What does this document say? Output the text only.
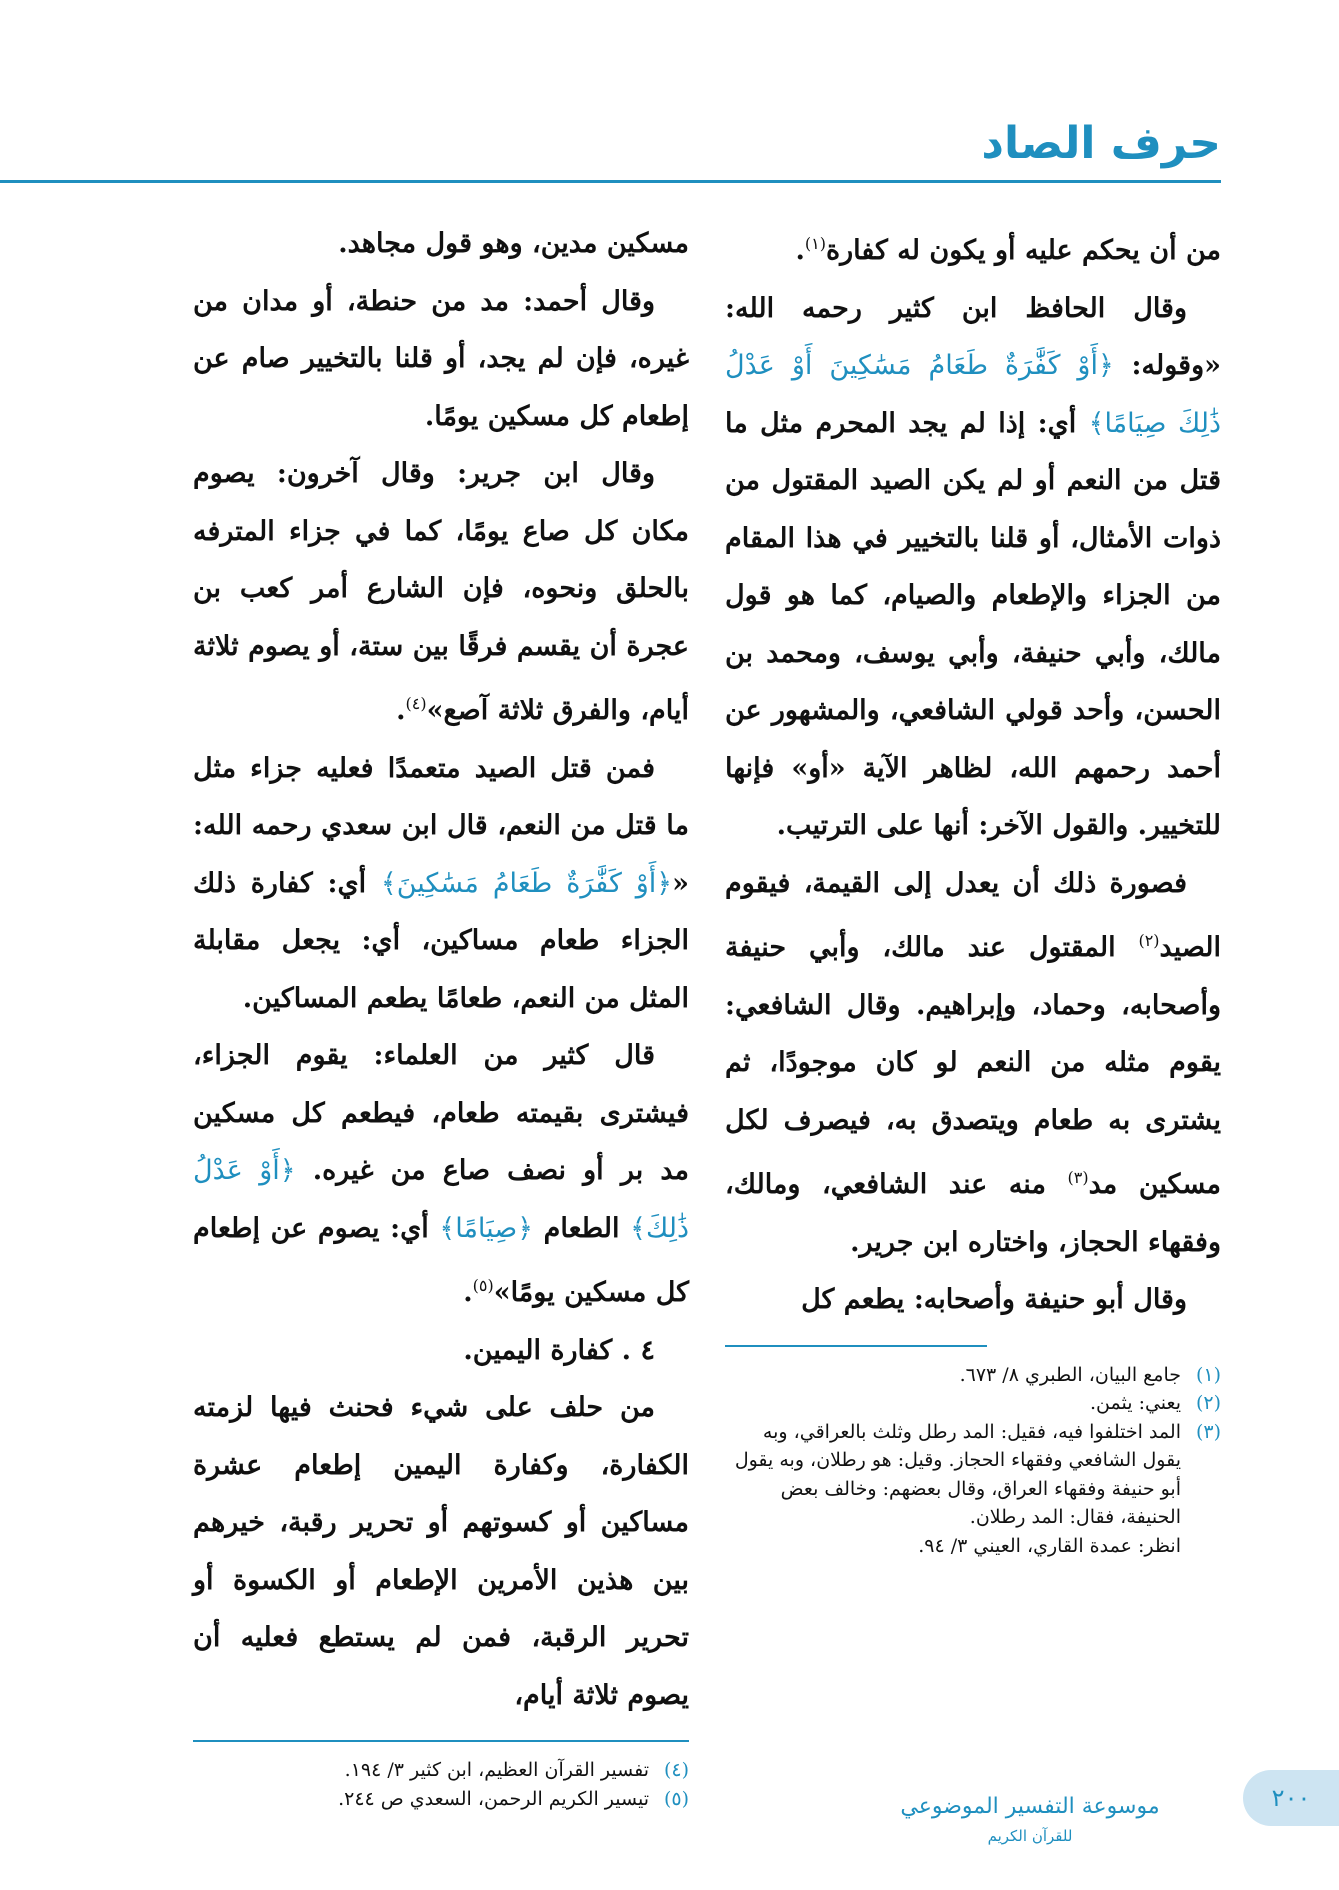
حرف الصاد

من أن يحكم عليه أو يكون له كفارة$^{(١)}$.

وقال الحافظ ابن كثير رحمه الله: «وقوله: ﴿أَوْ كَفَّٰرَةٌ طَعَامُ مَسَٰكِينَ أَوْ عَدْلُ ذَٰلِكَ صِيَامًا﴾ أي: إذا لم يجد المحرم مثل ما قتل من النعم أو لم يكن الصيد المقتول من ذوات الأمثال، أو قلنا بالتخيير في هذا المقام من الجزاء والإطعام والصيام، كما هو قول مالك، وأبي حنيفة، وأبي يوسف، ومحمد بن الحسن، وأحد قولي الشافعي، والمشهور عن أحمد رحمهم الله، لظاهر الآية «أو» فإنها للتخيير. والقول الآخر: أنها على الترتيب.

فصورة ذلك أن يعدل إلى القيمة، فيقوم الصيد$^{(٢)}$ المقتول عند مالك، وأبي حنيفة وأصحابه، وحماد، وإبراهيم. وقال الشافعي: يقوم مثله من النعم لو كان موجودًا، ثم يشترى به طعام ويتصدق به، فيصرف لكل مسكين مد$^{(٣)}$ منه عند الشافعي، ومالك، وفقهاء الحجاز، واختاره ابن جرير.

وقال أبو حنيفة وأصحابه: يطعم كل

(١)
جامع البيان، الطبري ٨/ ٦٧٣.

(٢)
يعني: يثمن.

(٣)
المد اختلفوا فيه، فقيل: المد رطل وثلث بالعراقي، وبه يقول الشافعي وفقهاء الحجاز. وقيل: هو رطلان، وبه يقول أبو حنيفة وفقهاء العراق، وقال بعضهم: وخالف بعض الحنيفة، فقال: المد رطلان.

انظر: عمدة القاري، العيني ٣/ ٩٤.

مسكين مدين، وهو قول مجاهد.

وقال أحمد: مد من حنطة، أو مدان من غيره، فإن لم يجد، أو قلنا بالتخيير صام عن إطعام كل مسكين يومًا.

وقال ابن جرير: وقال آخرون: يصوم مكان كل صاع يومًا، كما في جزاء المترفه بالحلق ونحوه، فإن الشارع أمر كعب بن عجرة أن يقسم فرقًا بين ستة، أو يصوم ثلاثة أيام، والفرق ثلاثة آصع»$^{(٤)}$.

فمن قتل الصيد متعمدًا فعليه جزاء مثل ما قتل من النعم، قال ابن سعدي رحمه الله: «﴿أَوْ كَفَّٰرَةٌ طَعَامُ مَسَٰكِينَ﴾ أي: كفارة ذلك الجزاء طعام مساكين، أي: يجعل مقابلة المثل من النعم، طعامًا يطعم المساكين.

قال كثير من العلماء: يقوم الجزاء، فيشترى بقيمته طعام، فيطعم كل مسكين مد بر أو نصف صاع من غيره. ﴿أَوْ عَدْلُ ذَٰلِكَ﴾ الطعام ﴿صِيَامًا﴾ أي: يصوم عن إطعام كل مسكين يومًا»$^{(٥)}$.

٤ . كفارة اليمين.

من حلف على شيء فحنث فيها لزمته الكفارة، وكفارة اليمين إطعام عشرة مساكين أو كسوتهم أو تحرير رقبة، خيرهم بين هذين الأمرين الإطعام أو الكسوة أو تحرير الرقبة، فمن لم يستطع فعليه أن يصوم ثلاثة أيام،

(٤)
تفسير القرآن العظيم، ابن كثير ٣/ ١٩٤.

(٥)
تيسير الكريم الرحمن، السعدي ص ٢٤٤.	موسوعة التفسير الموضوعي
للقرآن الكريم
٢٠٠
